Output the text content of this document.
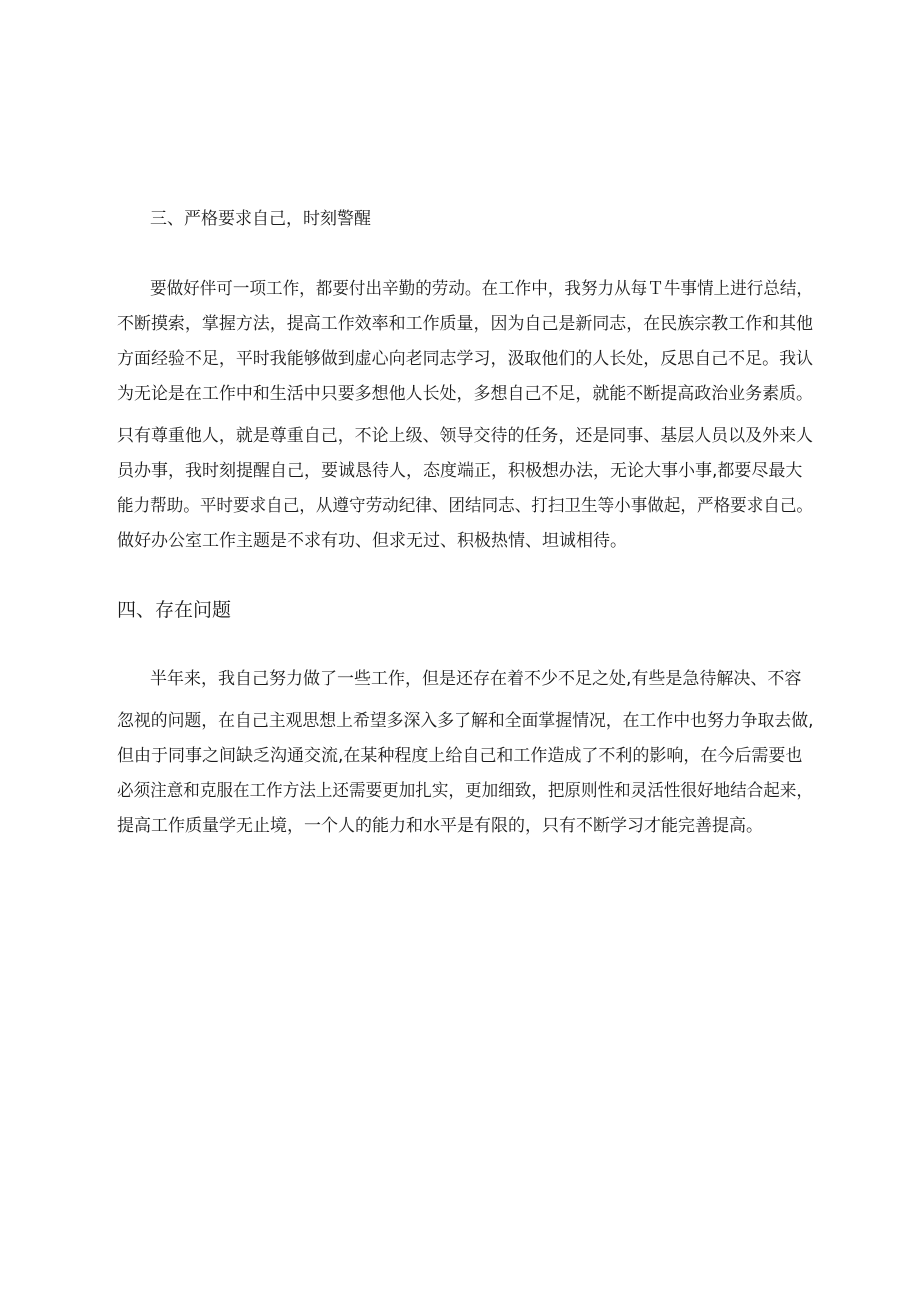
三、严格要求自己，时刻警醒
要做好伴可一项工作，都要付出辛勤的劳动。在工作中，我努力从每Ｔ牛事情上进行总结，
不断摸索，掌握方法，提高工作效率和工作质量，因为自己是新同志，在民族宗教工作和其他
方面经验不足，平时我能够做到虚心向老同志学习，汲取他们的人长处，反思自己不足。我认
为无论是在工作中和生活中只要多想他人长处，多想自己不足，就能不断提高政治业务素质。
只有尊重他人，就是尊重自己，不论上级、领导交待的任务，还是同事、基层人员以及外来人
员办事，我时刻提醒自己，要诚恳待人，态度端正，积极想办法，无论大事小事,都要尽最大
能力帮助。平时要求自己，从遵守劳动纪律、团结同志、打扫卫生等小事做起，严格要求自己。
做好办公室工作主题是不求有功、但求无过、积极热情、坦诚相待。
四、存在问题
半年来，我自己努力做了一些工作，但是还存在着不少不足之处,有些是急待解决、不容
忽视的问题，在自己主观思想上希望多深入多了解和全面掌握情况，在工作中也努力争取去做,
但由于同事之间缺乏沟通交流,在某种程度上给自己和工作造成了不利的影响，在今后需要也
必须注意和克服在工作方法上还需要更加扎实，更加细致，把原则性和灵活性很好地结合起来，
提高工作质量学无止境，一个人的能力和水平是有限的，只有不断学习才能完善提高。
